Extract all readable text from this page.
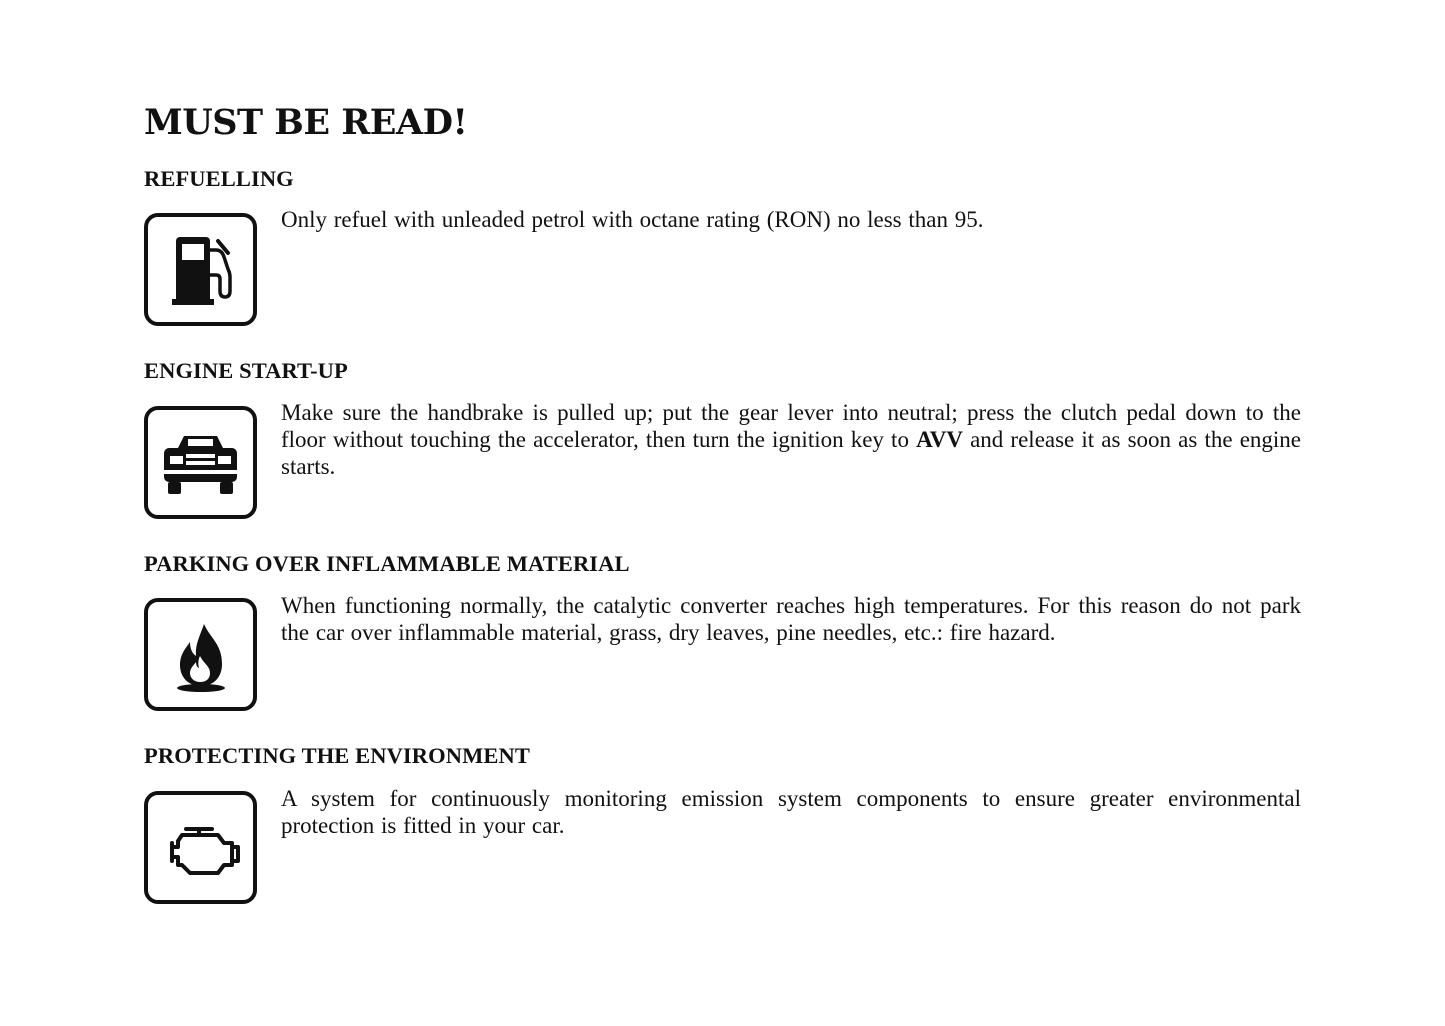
MUST BE READ!
REFUELLING

Only refuel with unleaded petrol with octane rating (RON) no less than 95.

ENGINE START-UP

Make sure the handbrake is pulled up; put the gear lever into neutral; press the clutch pedal down to the floor without touching the accelerator, then turn the ignition key to AVV and release it as soon as the engine starts.

PARKING OVER INFLAMMABLE MATERIAL

When functioning normally, the catalytic converter reaches high temperatures. For this reason do not park the car over inflammable material, grass, dry leaves, pine needles, etc.: fire hazard.

PROTECTING THE ENVIRONMENT

A system for continuously monitoring emission system components to ensure greater environmental protection is fitted in your car.
